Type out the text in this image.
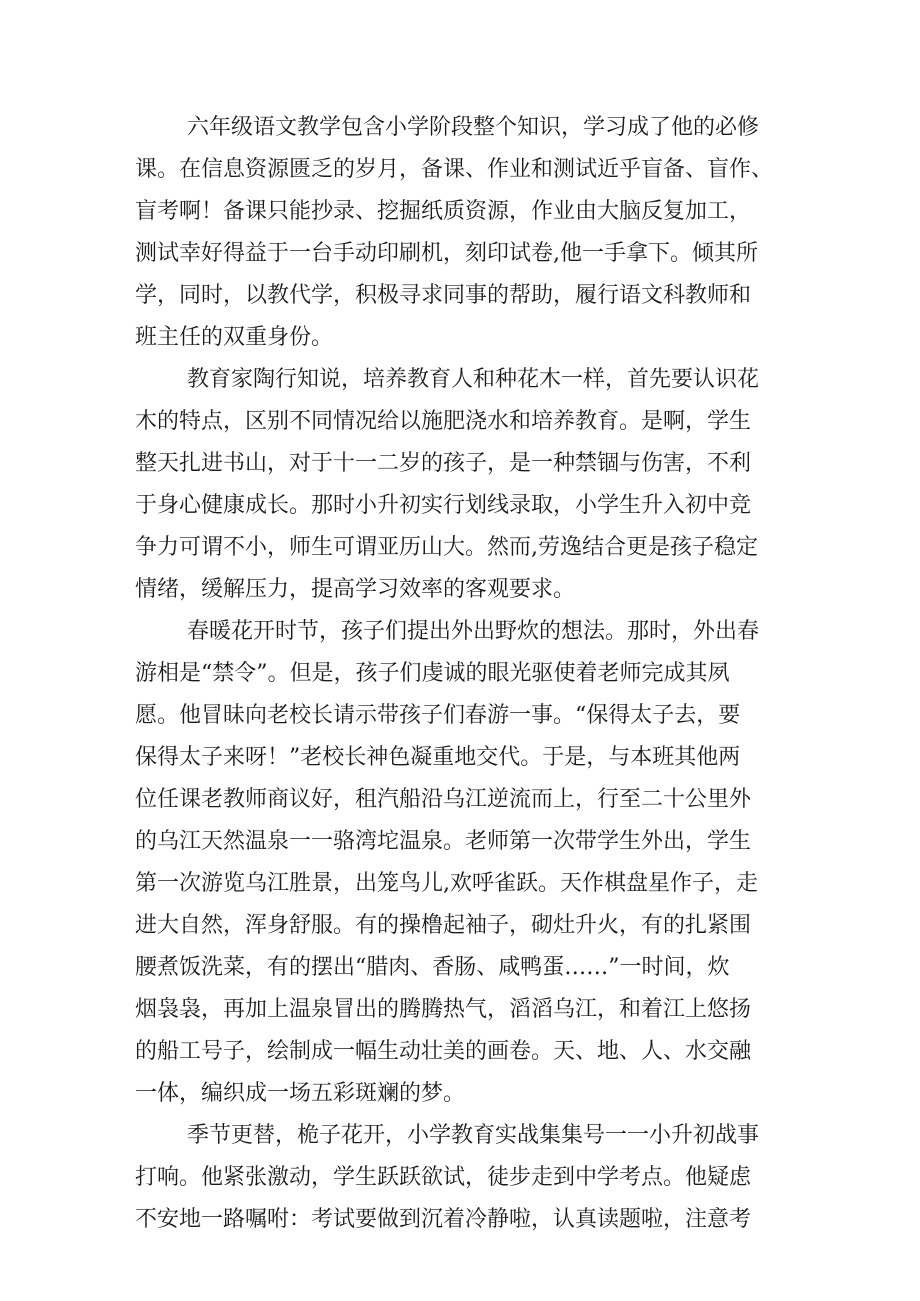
六年级语文教学包含小学阶段整个知识，学习成了他的必修
课。在信息资源匮乏的岁月，备课、作业和测试近乎盲备、盲作、
盲考啊！备课只能抄录、挖掘纸质资源，作业由大脑反复加工，
测试幸好得益于一台手动印刷机，刻印试卷,他一手拿下。倾其所
学，同时，以教代学，积极寻求同事的帮助，履行语文科教师和
班主任的双重身份。
教育家陶行知说，培养教育人和种花木一样，首先要认识花
木的特点，区别不同情况给以施肥浇水和培养教育。是啊，学生
整天扎进书山，对于十一二岁的孩子，是一种禁锢与伤害，不利
于身心健康成长。那时小升初实行划线录取，小学生升入初中竞
争力可谓不小，师生可谓亚历山大。然而,劳逸结合更是孩子稳定
情绪，缓解压力，提高学习效率的客观要求。
春暖花开时节，孩子们提出外出野炊的想法。那时，外出春
游相是“禁令”。但是，孩子们虔诚的眼光驱使着老师完成其夙
愿。他冒昧向老校长请示带孩子们春游一事。“保得太子去，要
保得太子来呀！”老校长神色凝重地交代。于是，与本班其他两
位任课老教师商议好，租汽船沿乌江逆流而上，行至二十公里外
的乌江天然温泉一一骆湾坨温泉。老师第一次带学生外出，学生
第一次游览乌江胜景，出笼鸟儿,欢呼雀跃。天作棋盘星作子，走
进大自然，浑身舒服。有的操橹起袖子，砌灶升火，有的扎紧围
腰煮饭洗菜，有的摆出“腊肉、香肠、咸鸭蛋……”一时间，炊
烟袅袅，再加上温泉冒出的腾腾热气，滔滔乌江，和着江上悠扬
的船工号子，绘制成一幅生动壮美的画卷。天、地、人、水交融
一体，编织成一场五彩斑斓的梦。
季节更替，桅子花开，小学教育实战集集号一一小升初战事
打响。他紧张激动，学生跃跃欲试，徒步走到中学考点。他疑虑
不安地一路嘱咐：考试要做到沉着冷静啦，认真读题啦，注意考
